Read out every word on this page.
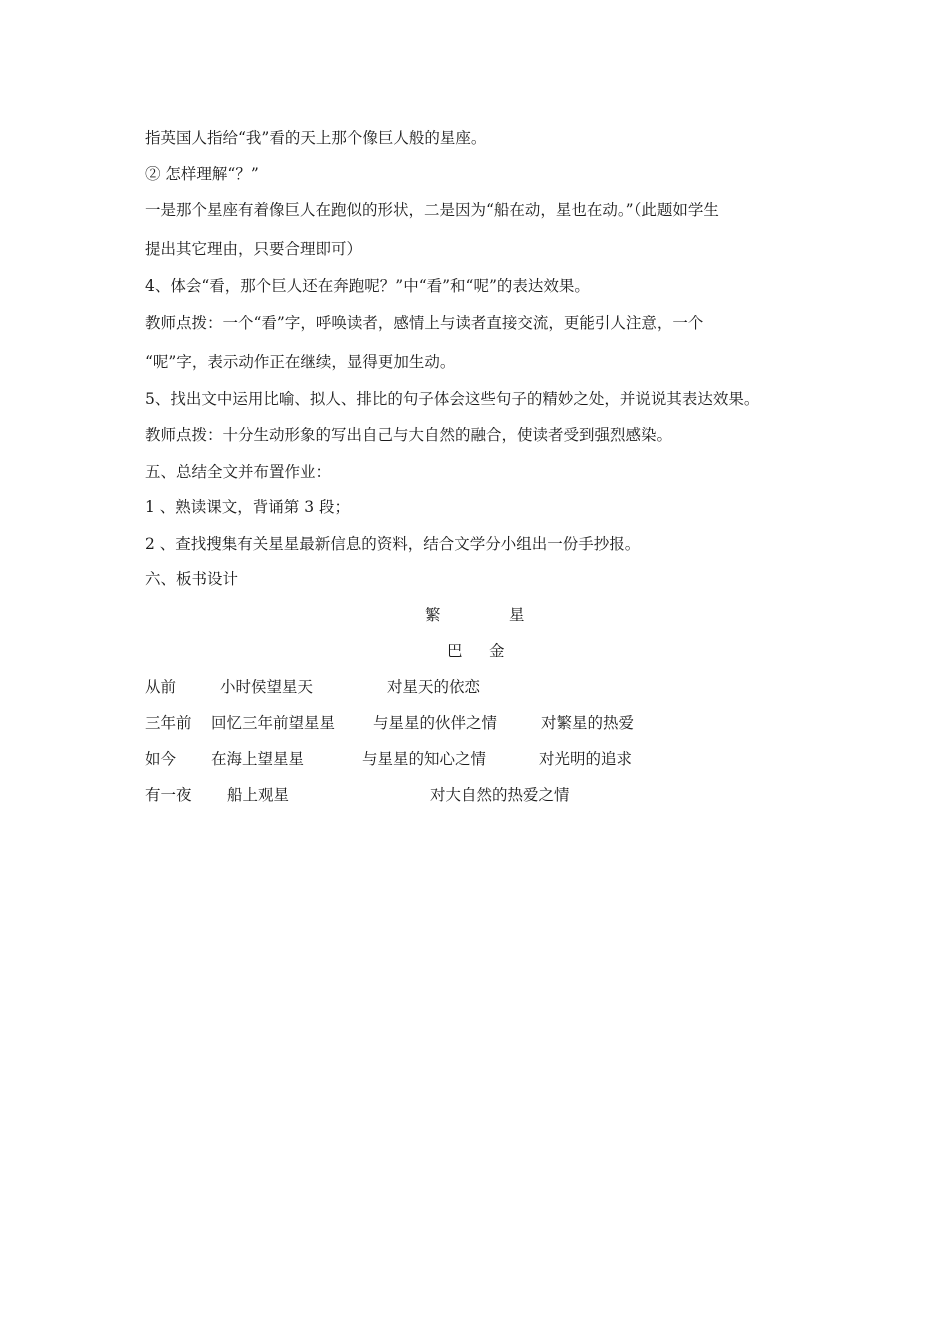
指英国人指给“我”看的天上那个像巨人般的星座。
② 怎样理解“？”
一是那个星座有着像巨人在跑似的形状，二是因为“船在动，星也在动。”（此题如学生
提出其它理由，只要合理即可）
4、体会“看，那个巨人还在奔跑呢？”中“看”和“呢”的表达效果。
教师点拨：一个“看”字，呼唤读者，感情上与读者直接交流，更能引人注意，一个
“呢”字，表示动作正在继续，显得更加生动。
5、找出文中运用比喻、拟人、排比的句子体会这些句子的精妙之处，并说说其表达效果。
教师点拨：十分生动形象的写出自己与大自然的融合，使读者受到强烈感染。
五、总结全文并布置作业：
1 、熟读课文，背诵第 3 段；
2 、查找搜集有关星星最新信息的资料，结合文学分小组出一份手抄报。
六、板书设计
繁	星
巴 金
从前	小时侯望星天	对星天的依恋
三年前 回忆三年前望星星 与星星的伙伴之情	对繁星的热爱
如今 在海上望星星	与星星的知心之情	对光明的追求
有一夜 船上观星	对大自然的热爱之情
